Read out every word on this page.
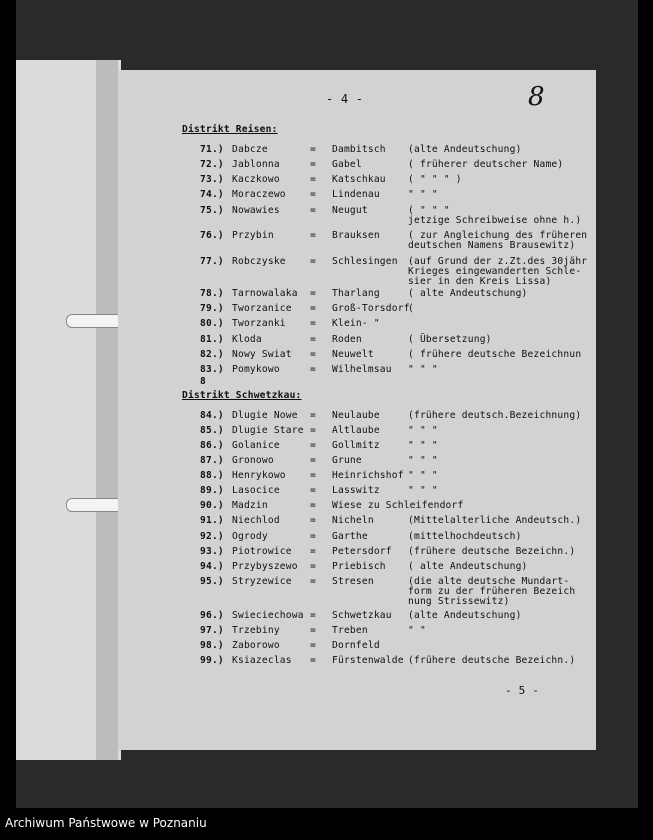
- 4 -	8
Distrikt Reisen:
71.) Dabcze	= Dambitsch (alte Andeutschung)
72.) Jablonna	= Gabel	( früherer deutscher Name)
73.) Kaczkowo	= Katschkau ( " " " )
74.) Moraczewo	= Lindenau	" " "
75.) Nowawies	= Neugut	( " " "
jetzige Schreibweise ohne h.)
76.) Przybin	= Brauksen	( zur Angleichung des früheren
deutschen Namens Brausewitz)
77.) Robczyske	= Schlesingen (auf Grund der z.Zt.des 30jähr
Krieges eingewanderten Schle-
sier in den Kreis Lissa)
78.) Tarnowalaka = Tharlang	( alte Andeutschung)
79.) Tworzanice = Groß-Torsdorf
(
80.) Tworzanki	= Klein- "
81.) Kloda	= Roden	( Übersetzung)
82.) Nowy Swiat = Neuwelt	( frühere deutsche Bezeichnun
83.) Pomykowo	= Wilhelmsau " " "
8
Distrikt Schwetzkau:
84.) Dlugie Nowe = Neulaube	(frühere deutsch.Bezeichnung)
85.) Dlugie Stare = Altlaube	" " "
86.) Golanice	= Gollmitz	" " "
87.) Gronowo	= Grune	" " "
88.) Henrykowo	= Heinrichshof " " "
89.) Lasocice	= Lasswitz	" " "
90.) Madzin	= Wiese zu Schleifendorf
91.) Niechlod	= Nicheln	(Mittelalterliche Andeutsch.)
92.) Ogrody	= Garthe	(mittelhochdeutsch)
93.) Piotrowice = Petersdorf (frühere deutsche Bezeichn.)
94.) Przybyszewo = Priebisch ( alte Andeutschung)
95.) Stryzewice = Stresen	(die alte deutsche Mundart-
form zu der früheren Bezeich
nung Strissewitz)
96.) Swieciechowa = Schwetzkau (alte Andeutschung)
97.) Trzebiny	= Treben	" "
98.) Zaborowo	= Dornfeld
99.) Ksiazeclas = Fürstenwalde (frühere deutsche Bezeichn.)
- 5 -
Archiwum Państwowe w Poznaniu
